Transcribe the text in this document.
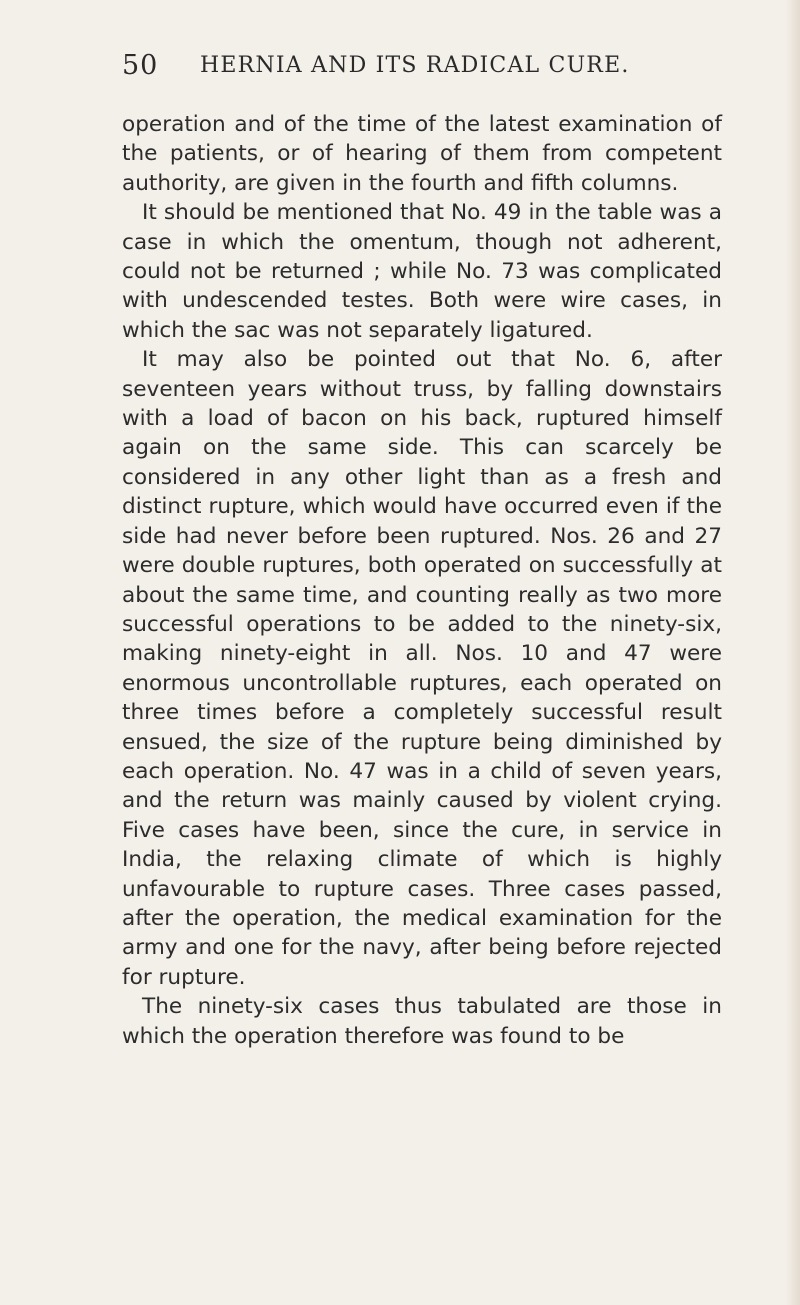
50 HERNIA AND ITS RADICAL CURE.

operation and of the time of the latest examination of the patients, or of hearing of them from competent authority, are given in the fourth and fifth columns.

It should be mentioned that No. 49 in the table was a case in which the omentum, though not adherent, could not be returned ; while No. 73 was complicated with undescended testes. Both were wire cases, in which the sac was not separately ligatured.

It may also be pointed out that No. 6, after seventeen years without truss, by falling downstairs with a load of bacon on his back, ruptured himself again on the same side. This can scarcely be considered in any other light than as a fresh and distinct rupture, which would have occurred even if the side had never before been ruptured. Nos. 26 and 27 were double ruptures, both operated on successfully at about the same time, and counting really as two more successful operations to be added to the ninety-six, making ninety-eight in all. Nos. 10 and 47 were enormous uncontrollable ruptures, each operated on three times before a completely successful result ensued, the size of the rupture being diminished by each operation. No. 47 was in a child of seven years, and the return was mainly caused by violent crying. Five cases have been, since the cure, in service in India, the relaxing climate of which is highly unfavourable to rupture cases. Three cases passed, after the operation, the medical examination for the army and one for the navy, after being before rejected for rupture.

The ninety-six cases thus tabulated are those in which the operation therefore was found to be
